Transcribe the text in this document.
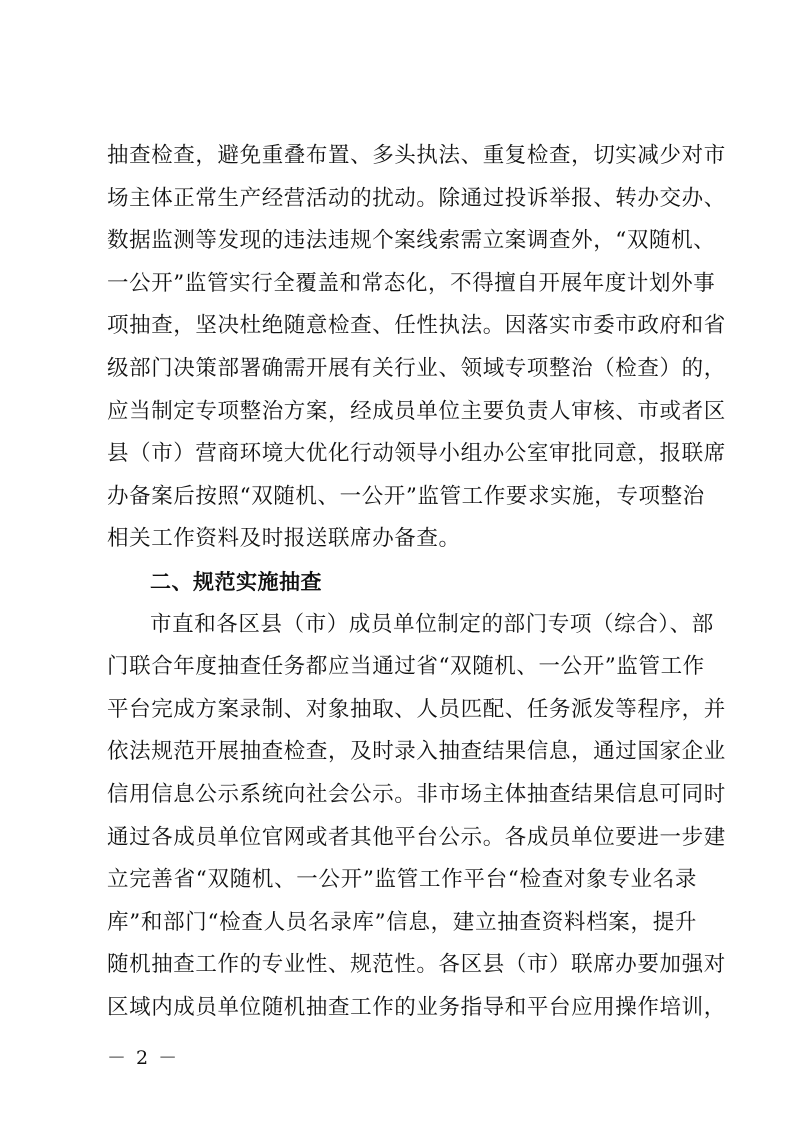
抽查检查，避免重叠布置、多头执法、重复检查，切实减少对市
场主体正常生产经营活动的扰动。除通过投诉举报、转办交办、
数据监测等发现的违法违规个案线索需立案调查外，“双随机、
一公开”监管实行全覆盖和常态化，不得擅自开展年度计划外事
项抽查，坚决杜绝随意检查、任性执法。因落实市委市政府和省
级部门决策部署确需开展有关行业、领域专项整治（检查）的，
应当制定专项整治方案，经成员单位主要负责人审核、市或者区
县（市）营商环境大优化行动领导小组办公室审批同意，报联席
办备案后按照“双随机、一公开”监管工作要求实施，专项整治
相关工作资料及时报送联席办备查。
二、规范实施抽查
市直和各区县（市）成员单位制定的部门专项（综合）、部
门联合年度抽查任务都应当通过省“双随机、一公开”监管工作
平台完成方案录制、对象抽取、人员匹配、任务派发等程序，并
依法规范开展抽查检查，及时录入抽查结果信息，通过国家企业
信用信息公示系统向社会公示。非市场主体抽查结果信息可同时
通过各成员单位官网或者其他平台公示。各成员单位要进一步建
立完善省“双随机、一公开”监管工作平台“检查对象专业名录
库”和部门“检查人员名录库”信息，建立抽查资料档案，提升
随机抽查工作的专业性、规范性。各区县（市）联席办要加强对
区域内成员单位随机抽查工作的业务指导和平台应用操作培训，
－ 2 －
